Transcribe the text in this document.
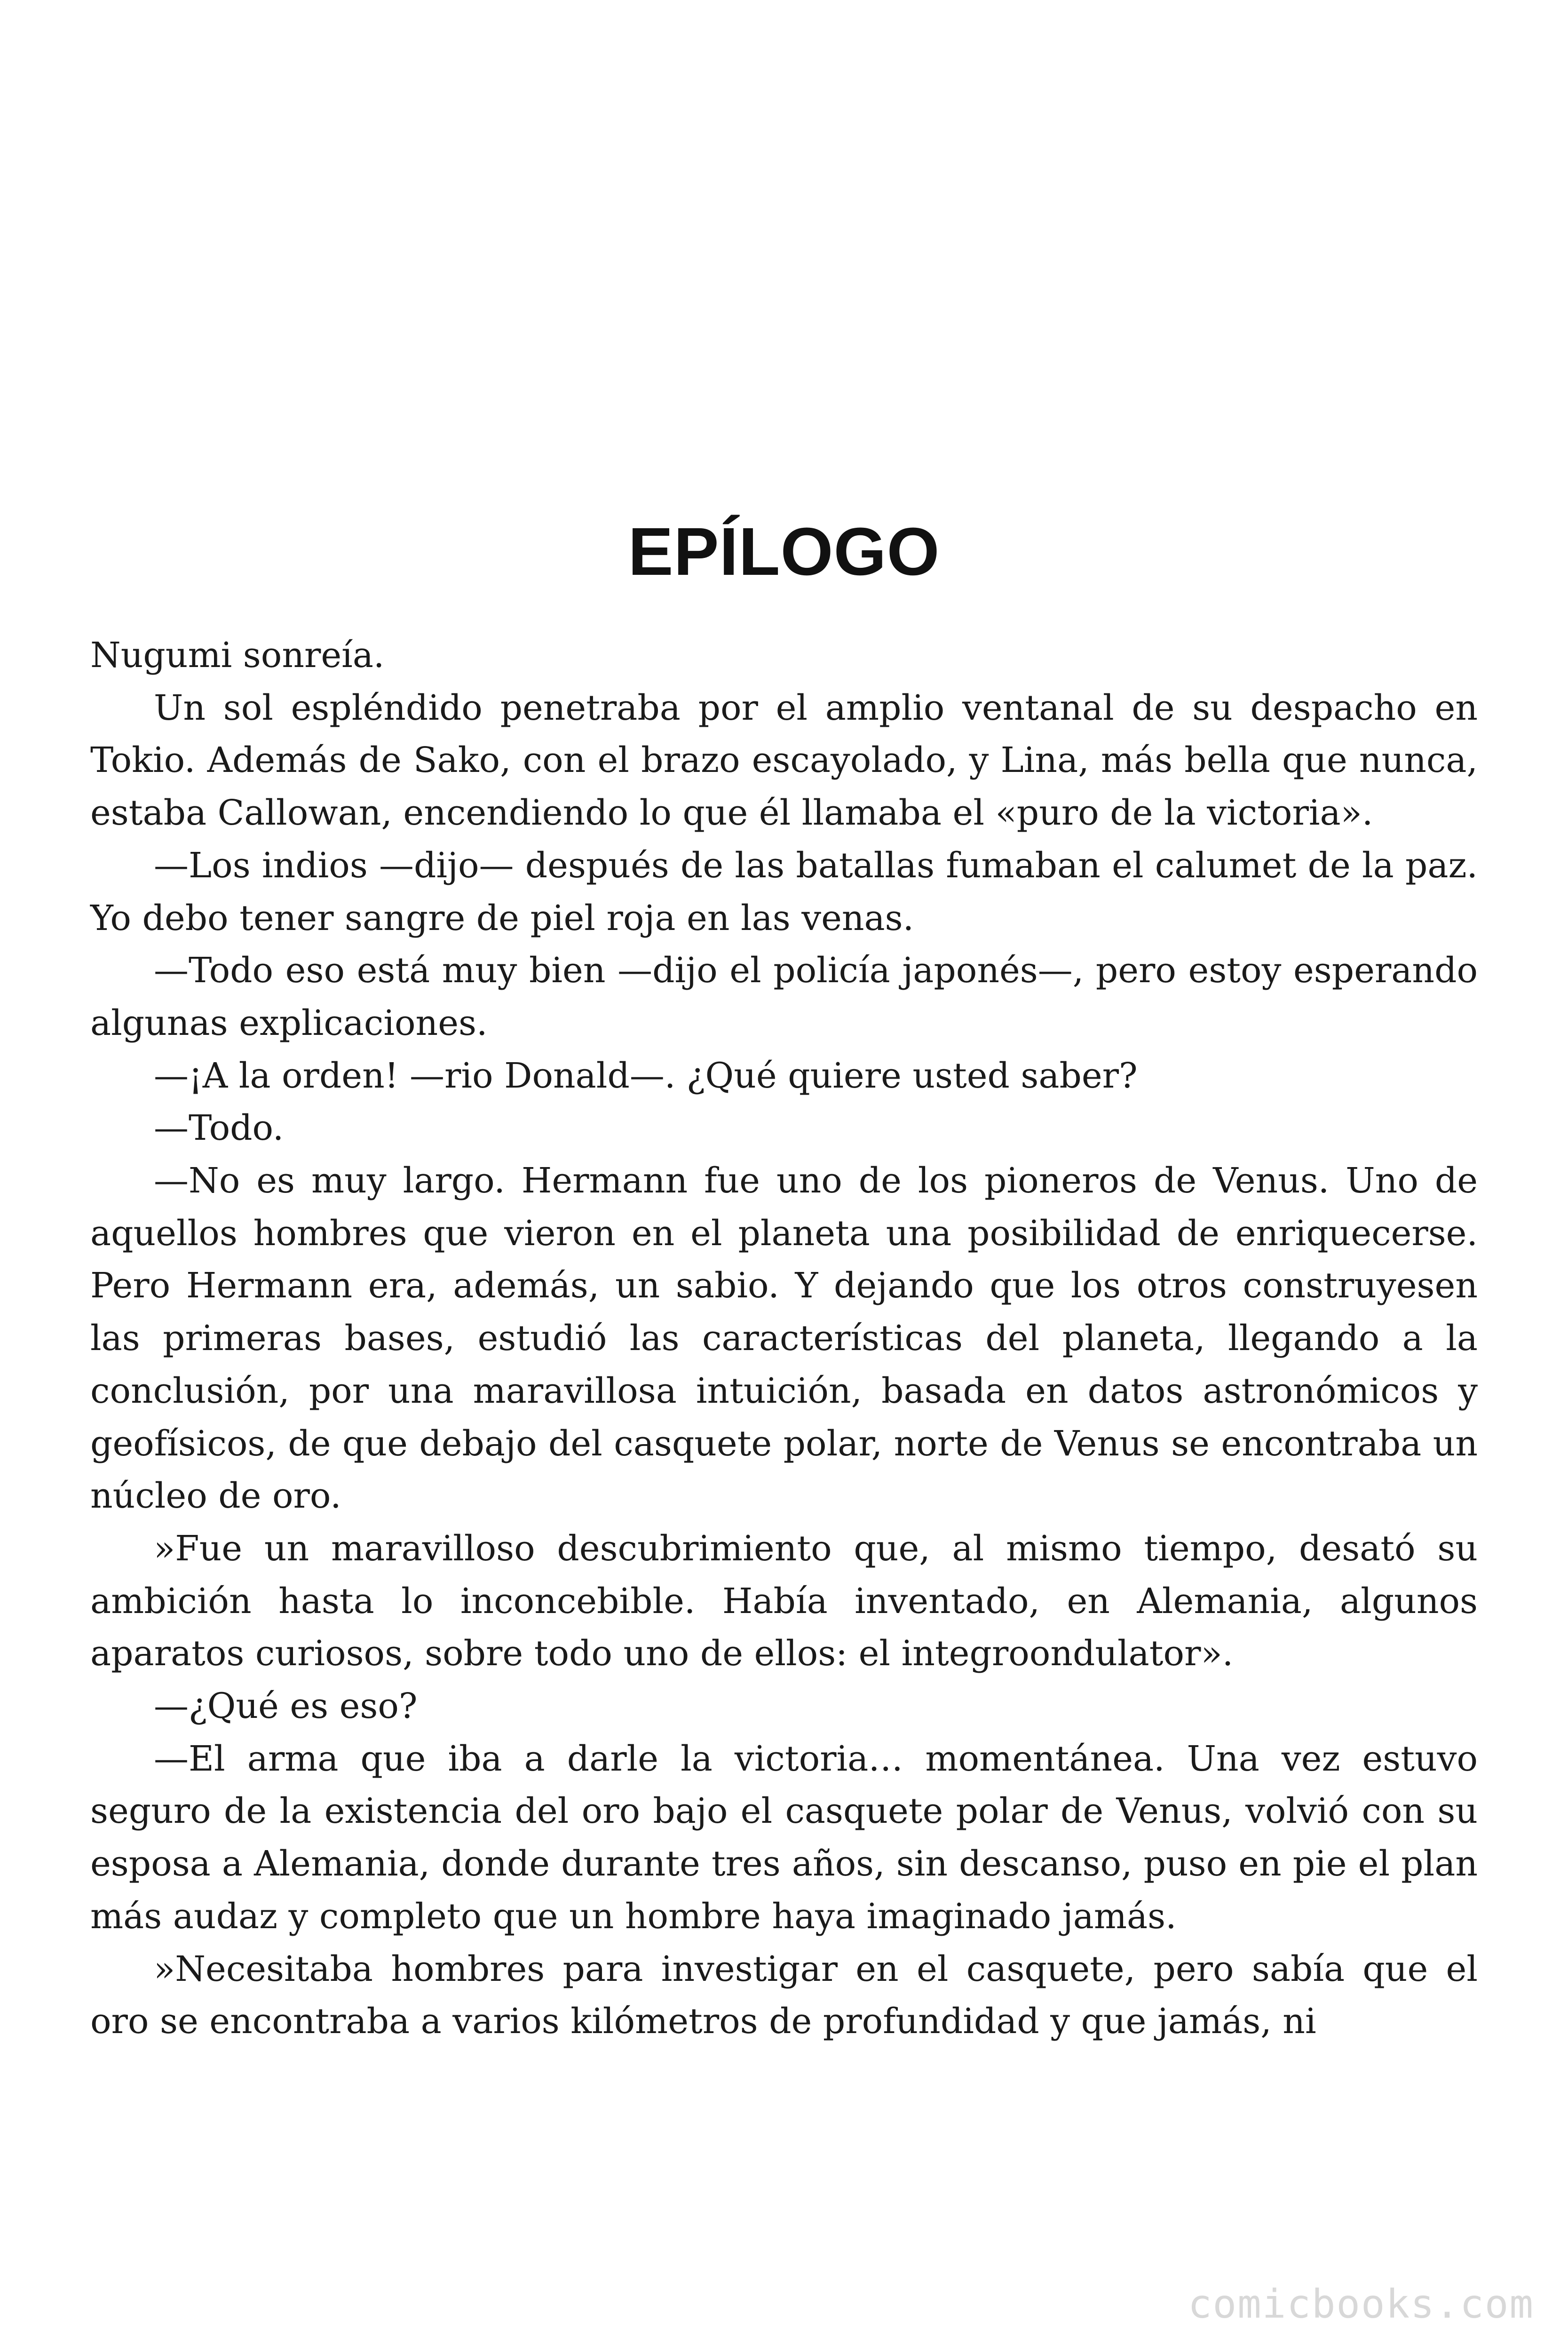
EPÍLOGO

Nugumi sonreía.

Un sol espléndido penetraba por el amplio ventanal de su despacho en Tokio. Además de Sako, con el brazo escayolado, y Lina, más bella que nunca, estaba Callowan, encendiendo lo que él llamaba el «puro de la victoria».

—Los indios —dijo— después de las batallas fumaban el calumet de la paz. Yo debo tener sangre de piel roja en las venas.

—Todo eso está muy bien —dijo el policía japonés—, pero estoy esperando algunas explicaciones.

—¡A la orden! —rio Donald—. ¿Qué quiere usted saber?

—Todo.

—No es muy largo. Hermann fue uno de los pioneros de Venus. Uno de aquellos hombres que vieron en el planeta una posibilidad de enriquecerse. Pero Hermann era, además, un sabio. Y dejando que los otros construyesen las primeras bases, estudió las características del planeta, llegando a la conclusión, por una maravillosa intuición, basada en datos astronómicos y geofísicos, de que debajo del casquete polar, norte de Venus se encontraba un núcleo de oro.

»Fue un maravilloso descubrimiento que, al mismo tiempo, desató su ambición hasta lo inconcebible. Había inventado, en Alemania, algunos aparatos curiosos, sobre todo uno de ellos: el integroondulator».

—¿Qué es eso?

—El arma que iba a darle la victoria… momentánea. Una vez estuvo seguro de la existencia del oro bajo el casquete polar de Venus, volvió con su esposa a Alemania, donde durante tres años, sin descanso, puso en pie el plan más audaz y completo que un hombre haya imaginado jamás.

»Necesitaba hombres para investigar en el casquete, pero sabía que el oro se encontraba a varios kilómetros de profundidad y que jamás, ni

comicbooks.com
